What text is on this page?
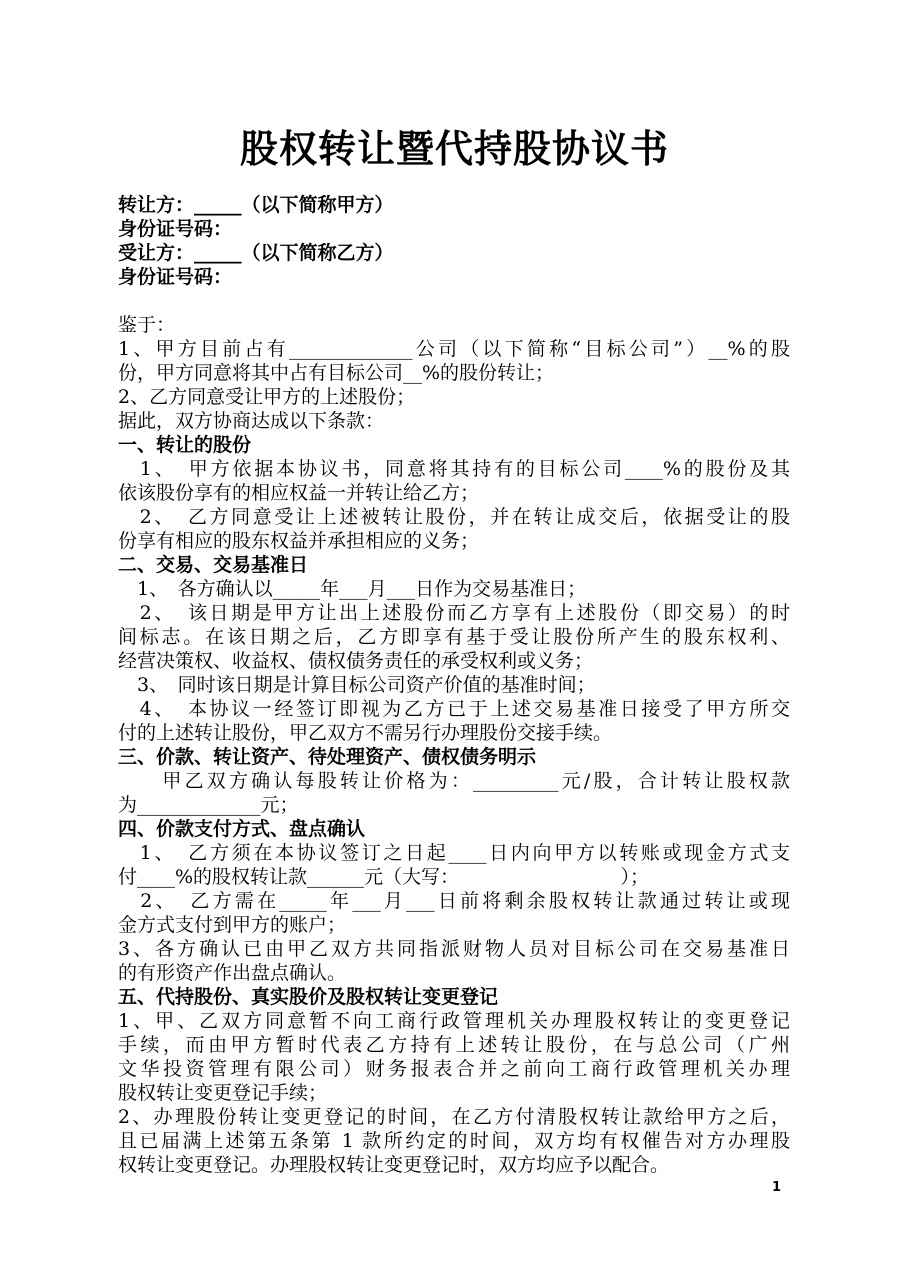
股权转让暨代持股协议书
转让方：_____（以下简称甲方）
身份证号码：
受让方：_____（以下简称乙方）
身份证号码：
鉴于：
1、甲方目前占有_____________公司（以下简称“目标公司”）__%的股
份，甲方同意将其中占有目标公司__%的股份转让；
2、乙方同意受让甲方的上述股份；
据此，双方协商达成以下条款：
一、转让的股份
　1、　甲方依据本协议书，同意将其持有的目标公司____%的股份及其
依该股份享有的相应权益一并转让给乙方；
　2、　乙方同意受让上述被转让股份，并在转让成交后，依据受让的股
份享有相应的股东权益并承担相应的义务；
二、交易、交易基准日
　1、　各方确认以_____年___月___日作为交易基准日；
　2、　该日期是甲方让出上述股份而乙方享有上述股份（即交易）的时
间标志。在该日期之后，乙方即享有基于受让股份所产生的股东权利、
经营决策权、收益权、债权债务责任的承受权利或义务；
　3、　同时该日期是计算目标公司资产价值的基准时间；
　4、　本协议一经签订即视为乙方已于上述交易基准日接受了甲方所交
付的上述转让股份，甲乙双方不需另行办理股份交接手续。
三、价款、转让资产、待处理资产、债权债务明示
　　甲乙双方确认每股转让价格为：_________元/股，合计转让股权款
为_____________元；
四、价款支付方式、盘点确认
　1、　乙方须在本协议签订之日起____日内向甲方以转账或现金方式支
付____%的股权转让款______元（大写：　　　　　　　　　）；
　2、　乙方需在_____年___月___日前将剩余股权转让款通过转让或现
金方式支付到甲方的账户；
3、各方确认已由甲乙双方共同指派财物人员对目标公司在交易基准日
的有形资产作出盘点确认。
五、代持股份、真实股价及股权转让变更登记
1、甲、乙双方同意暂不向工商行政管理机关办理股权转让的变更登记
手续，而由甲方暂时代表乙方持有上述转让股份，在与总公司（广州
文华投资管理有限公司）财务报表合并之前向工商行政管理机关办理
股权转让变更登记手续；
2、办理股份转让变更登记的时间，在乙方付清股权转让款给甲方之后，
且已届满上述第五条第 1 款所约定的时间，双方均有权催告对方办理股
权转让变更登记。办理股权转让变更登记时，双方均应予以配合。
1
